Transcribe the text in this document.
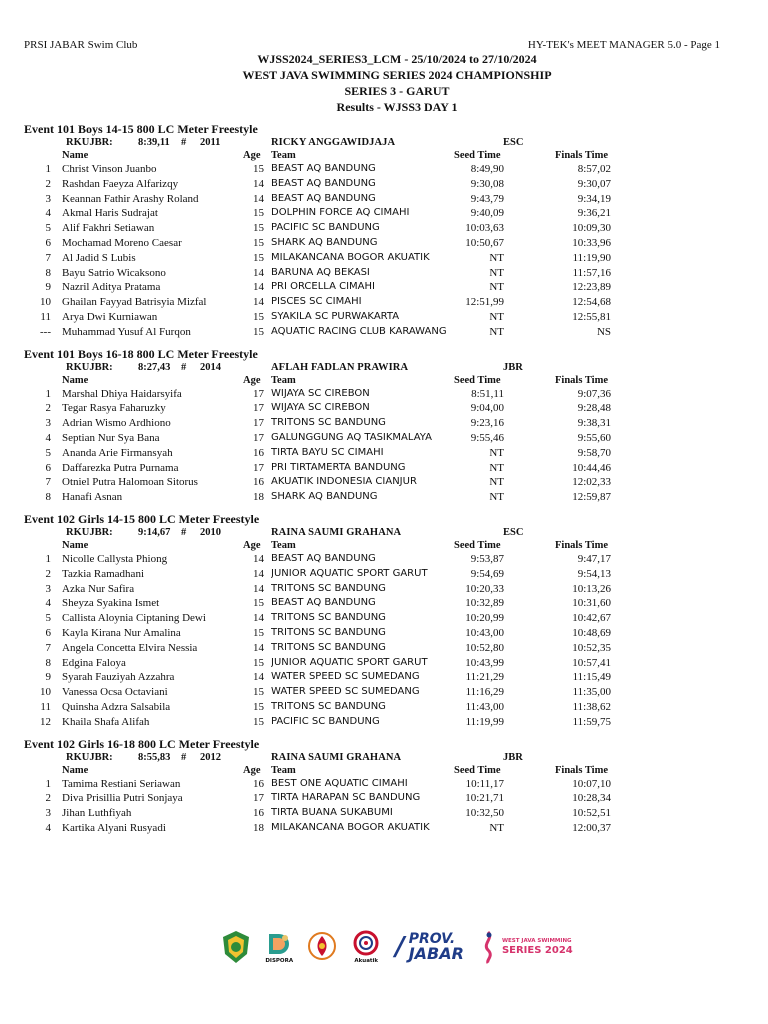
PRSI JABAR Swim Club	HY-TEK's MEET MANAGER 5.0 - Page 1
WJSS2024_SERIES3_LCM - 25/10/2024 to 27/10/2024
WEST JAVA SWIMMING SERIES 2024 CHAMPIONSHIP
SERIES 3 - GARUT
Results - WJSS3 DAY 1
Event 101 Boys 14-15 800 LC Meter Freestyle
RKUJBR: 8:39,11 # 2011	RICKY ANGGAWIDJAJA	ESC
Name	Age Team	Seed Time	Finals Time
1 Christ Vinson Juanbo	15 BEAST AQ BANDUNG	8:49,90	8:57,02
2 Rashdan Faeyza Alfarizqy	14 BEAST AQ BANDUNG	9:30,08	9:30,07
3 Keannan Fathir Arashy Roland	14 BEAST AQ BANDUNG	9:43,79	9:34,19
4 Akmal Haris Sudrajat	15 DOLPHIN FORCE AQ CIMAHI	9:40,09	9:36,21
5 Alif Fakhri Setiawan	15 PACIFIC SC BANDUNG	10:03,63	10:09,30
6 Mochamad Moreno Caesar	15 SHARK AQ BANDUNG	10:50,67	10:33,96
7 Al Jadid S Lubis	15 MILAKANCANA BOGOR AKUATIK	NT	11:19,90
8 Bayu Satrio Wicaksono	14 BARUNA AQ BEKASI	NT	11:57,16
9 Nazril Aditya Pratama	14 PRI ORCELLA CIMAHI	NT	12:23,89
10 Ghailan Fayyad Batrisyia Mizfal	14 PISCES SC CIMAHI	12:51,99	12:54,68
11 Arya Dwi Kurniawan	15 SYAKILA SC PURWAKARTA	NT	12:55,81
--- Muhammad Yusuf Al Furqon	15 AQUATIC RACING CLUB KARAWANG	NT	NS
Event 101 Boys 16-18 800 LC Meter Freestyle
RKUJBR: 8:27,43 # 2014	AFLAH FADLAN PRAWIRA	JBR
Name	Age Team	Seed Time	Finals Time
1 Marshal Dhiya Haidarsyifa	17 WIJAYA SC CIREBON	8:51,11	9:07,36
2 Tegar Rasya Faharuzky	17 WIJAYA SC CIREBON	9:04,00	9:28,48
3 Adrian Wismo Ardhiono	17 TRITONS SC BANDUNG	9:23,16	9:38,31
4 Septian Nur Sya Bana	17 GALUNGGUNG AQ TASIKMALAYA	9:55,46	9:55,60
5 Ananda Arie Firmansyah	16 TIRTA BAYU SC CIMAHI	NT	9:58,70
6 Daffarezka Putra Purnama	17 PRI TIRTAMERTA BANDUNG	NT	10:44,46
7 Otniel Putra Halomoan Sitorus	16 AKUATIK INDONESIA CIANJUR	NT	12:02,33
8 Hanafi Asnan	18 SHARK AQ BANDUNG	NT	12:59,87
Event 102 Girls 14-15 800 LC Meter Freestyle
RKUJBR: 9:14,67 # 2010	RAINA SAUMI GRAHANA	ESC
Name	Age Team	Seed Time	Finals Time
1 Nicolle Callysta Phiong	14 BEAST AQ BANDUNG	9:53,87	9:47,17
2 Tazkia Ramadhani	14 JUNIOR AQUATIC SPORT GARUT	9:54,69	9:54,13
3 Azka Nur Safira	14 TRITONS SC BANDUNG	10:20,33	10:13,26
4 Sheyza Syakina Ismet	15 BEAST AQ BANDUNG	10:32,89	10:31,60
5 Callista Aloynia Ciptaning Dewi	14 TRITONS SC BANDUNG	10:20,99	10:42,67
6 Kayla Kirana Nur Amalina	15 TRITONS SC BANDUNG	10:43,00	10:48,69
7 Angela Concetta Elvira Nessia	14 TRITONS SC BANDUNG	10:52,80	10:52,35
8 Edgina Faloya	15 JUNIOR AQUATIC SPORT GARUT	10:43,99	10:57,41
9 Syarah Fauziyah Azzahra	14 WATER SPEED SC SUMEDANG	11:21,29	11:15,49
10 Vanessa Ocsa Octaviani	15 WATER SPEED SC SUMEDANG	11:16,29	11:35,00
11 Quinsha Adzra Salsabila	15 TRITONS SC BANDUNG	11:43,00	11:38,62
12 Khaila Shafa Alifah	15 PACIFIC SC BANDUNG	11:19,99	11:59,75
Event 102 Girls 16-18 800 LC Meter Freestyle
RKUJBR: 8:55,83 # 2012	RAINA SAUMI GRAHANA	JBR
Name	Age Team	Seed Time	Finals Time
1 Tamima Restiani Seriawan	16 BEST ONE AQUATIC CIMAHI	10:11,17	10:07,10
2 Diva Prisillia Putri Sonjaya	17 TIRTA HARAPAN SC BANDUNG	10:21,71	10:28,34
3 Jihan Luthfiyah	16 TIRTA BUANA SUKABUMI	10:32,50	10:52,51
4 Kartika Alyani Rusyadi	18 MILAKANCANA BOGOR AKUATIK	NT	12:00,37
DISPORA	Akuatik / PROV.
JABAR
WEST JAVA SWIMMING
SERIES 2024
